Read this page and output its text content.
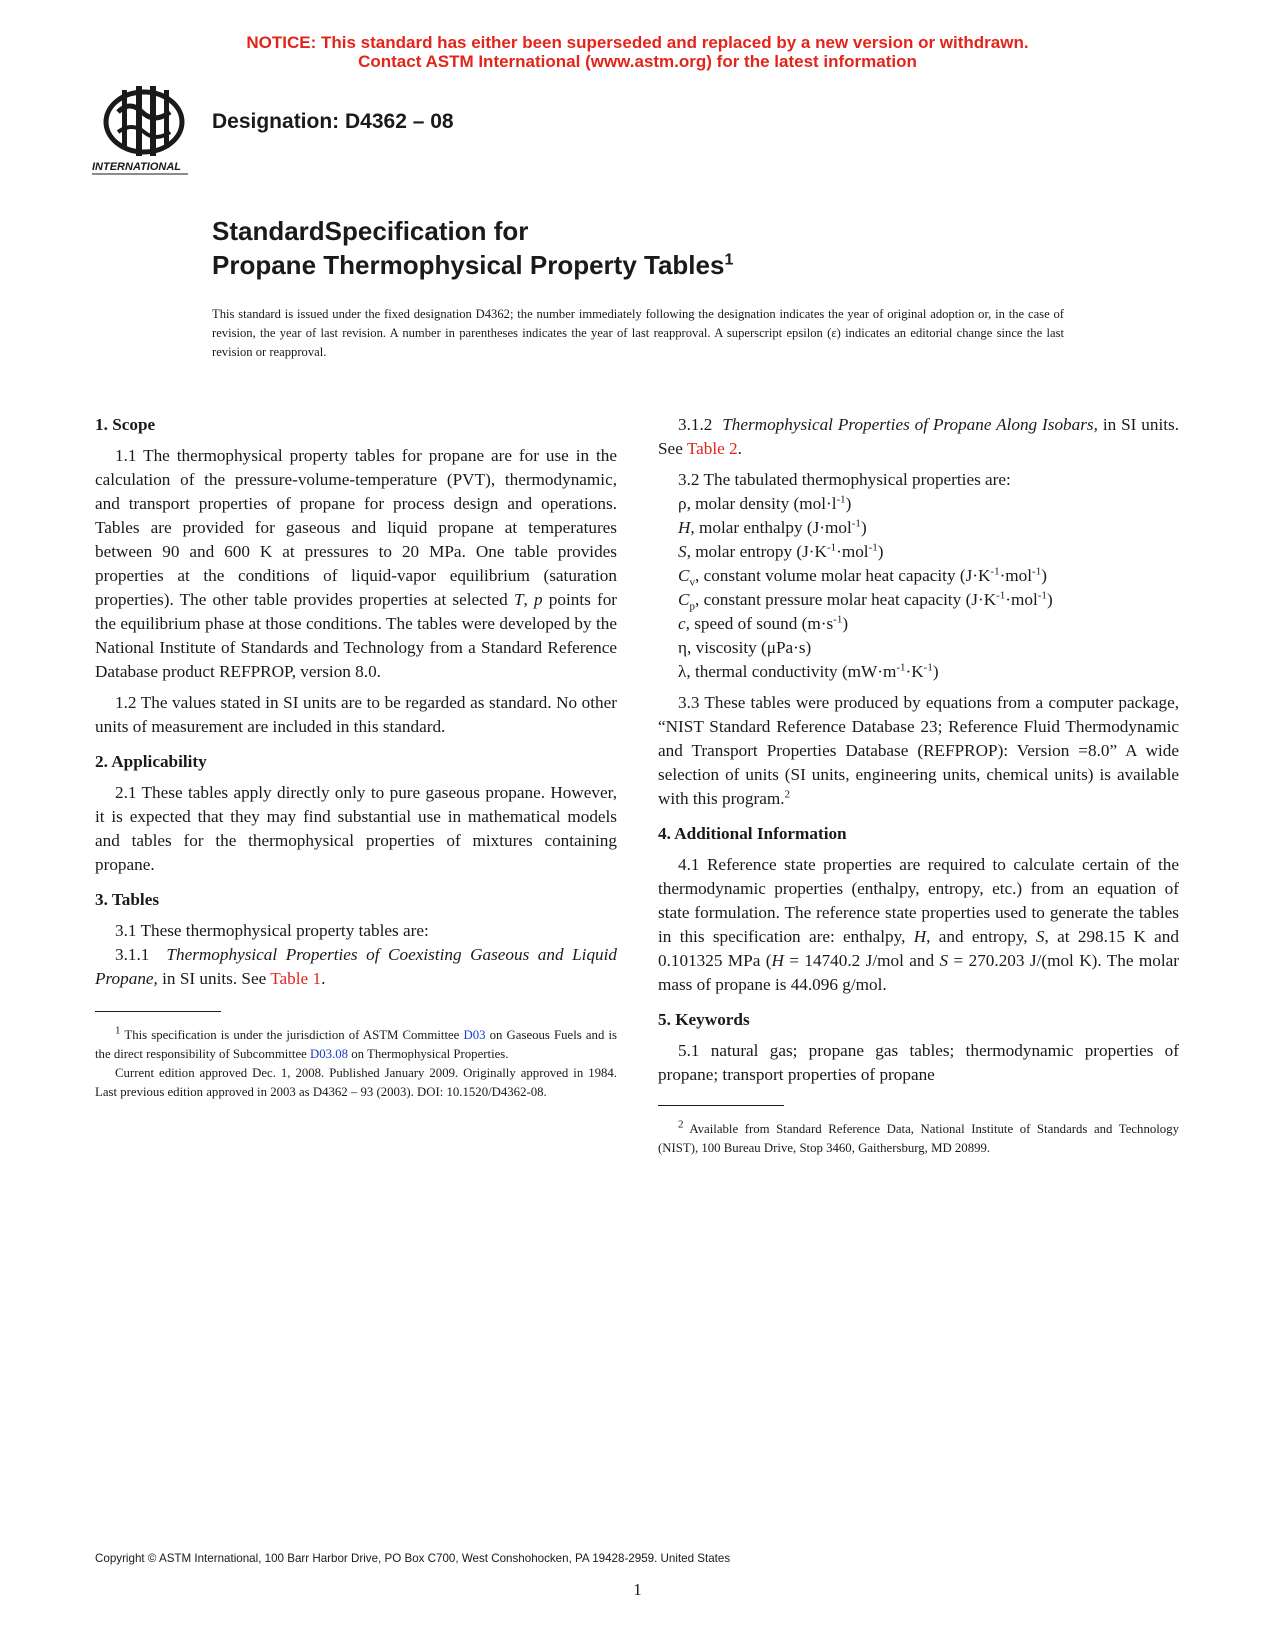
NOTICE: This standard has either been superseded and replaced by a new version or withdrawn.
Contact ASTM International (www.astm.org) for the latest information
INTERNATIONAL
Designation: D4362 – 08
StandardSpecification for
Propane Thermophysical Property Tables$^1$
This standard is issued under the fixed designation D4362; the number immediately following the designation indicates the year of original adoption or, in the case of revision, the year of last revision. A number in parentheses indicates the year of last reapproval. A superscript epsilon (ε) indicates an editorial change since the last revision or reapproval.
1. Scope

1.1 The thermophysical property tables for propane are for use in the calculation of the pressure-volume-temperature (PVT), thermodynamic, and transport properties of propane for process design and operations. Tables are provided for gaseous and liquid propane at temperatures between 90 and 600 K at pressures to 20 MPa. One table provides properties at the conditions of liquid-vapor equilibrium (saturation properties). The other table provides properties at selected T, p points for the equilibrium phase at those conditions. The tables were developed by the National Institute of Standards and Technology from a Standard Reference Database product REFPROP, version 8.0.

1.2 The values stated in SI units are to be regarded as standard. No other units of measurement are included in this standard.

2. Applicability

2.1 These tables apply directly only to pure gaseous propane. However, it is expected that they may find substantial use in mathematical models and tables for the thermophysical properties of mixtures containing propane.

3. Tables

3.1 These thermophysical property tables are:

3.1.1 Thermophysical Properties of Coexisting Gaseous and Liquid Propane, in SI units. See Table 1.

$^1$ This specification is under the jurisdiction of ASTM Committee D03 on Gaseous Fuels and is the direct responsibility of Subcommittee D03.08 on Thermophysical Properties.

Current edition approved Dec. 1, 2008. Published January 2009. Originally approved in 1984. Last previous edition approved in 2003 as D4362 – 93 (2003). DOI: 10.1520/D4362-08.

3.1.2 Thermophysical Properties of Propane Along Isobars, in SI units. See Table 2.

3.2 The tabulated thermophysical properties are:

ρ, molar density $(mol\cdot l^{-1})$
H, molar enthalpy (J·mol$^{-1}$)
S, molar entropy $(J\cdot K^{-1}\cdot mol^{-1})$
$C_v$, constant volume molar heat capacity $(J\cdot K^{-1}\cdot mol^{-1})$
$C_p$, constant pressure molar heat capacity $(J\cdot K^{-1}\cdot mol^{-1})$
c, speed of sound $(m\cdot s^{-1})$
η, viscosity (μPa·s)
λ, thermal conductivity $(mW\cdot m^{-1}\cdot K^{-1})$

3.3 These tables were produced by equations from a computer package, “NIST Standard Reference Database 23; Reference Fluid Thermodynamic and Transport Properties Database (REFPROP): Version =8.0” A wide selection of units (SI units, engineering units, chemical units) is available with this program.$^2$

4. Additional Information

4.1 Reference state properties are required to calculate certain of the thermodynamic properties (enthalpy, entropy, etc.) from an equation of state formulation. The reference state properties used to generate the tables in this specification are: enthalpy, H, and entropy, S, at 298.15 K and 0.101325 MPa (H = 14740.2 J/mol and S = 270.203 J/(mol K). The molar mass of propane is 44.096 g/mol.

5. Keywords

5.1 natural gas; propane gas tables; thermodynamic properties of propane; transport properties of propane

$^2$ Available from Standard Reference Data, National Institute of Standards and Technology (NIST), 100 Bureau Drive, Stop 3460, Gaithersburg, MD 20899.

Copyright © ASTM International, 100 Barr Harbor Drive, PO Box C700, West Conshohocken, PA 19428-2959. United States
1
